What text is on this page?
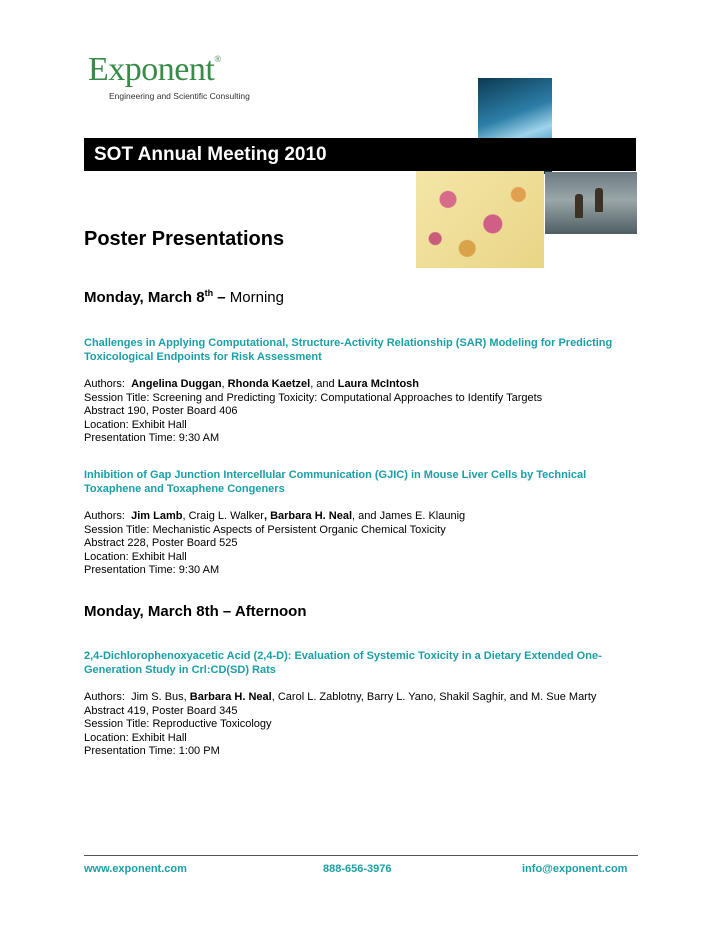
Exponent®
Engineering and Scientific Consulting
SOT Annual Meeting 2010
Poster Presentations
Monday, March 8th – Morning

Challenges in Applying Computational, Structure-Activity Relationship (SAR) Modeling for Predicting Toxicological Endpoints for Risk Assessment

Authors: Angelina Duggan, Rhonda Kaetzel, and Laura McIntosh
Session Title: Screening and Predicting Toxicity: Computational Approaches to Identify Targets
Abstract 190, Poster Board 406
Location: Exhibit Hall
Presentation Time: 9:30 AM

Inhibition of Gap Junction Intercellular Communication (GJIC) in Mouse Liver Cells by Technical Toxaphene and Toxaphene Congeners

Authors: Jim Lamb, Craig L. Walker, Barbara H. Neal, and James E. Klaunig
Session Title: Mechanistic Aspects of Persistent Organic Chemical Toxicity
Abstract 228, Poster Board 525
Location: Exhibit Hall
Presentation Time: 9:30 AM
Monday, March 8th – Afternoon

2,4-Dichlorophenoxyacetic Acid (2,4-D): Evaluation of Systemic Toxicity in a Dietary Extended One-Generation Study in Crl:CD(SD) Rats

Authors: Jim S. Bus, Barbara H. Neal, Carol L. Zablotny, Barry L. Yano, Shakil Saghir, and M. Sue Marty
Abstract 419, Poster Board 345
Session Title: Reproductive Toxicology
Location: Exhibit Hall
Presentation Time: 1:00 PM
www.exponent.com	888-656-3976	info@exponent.com
